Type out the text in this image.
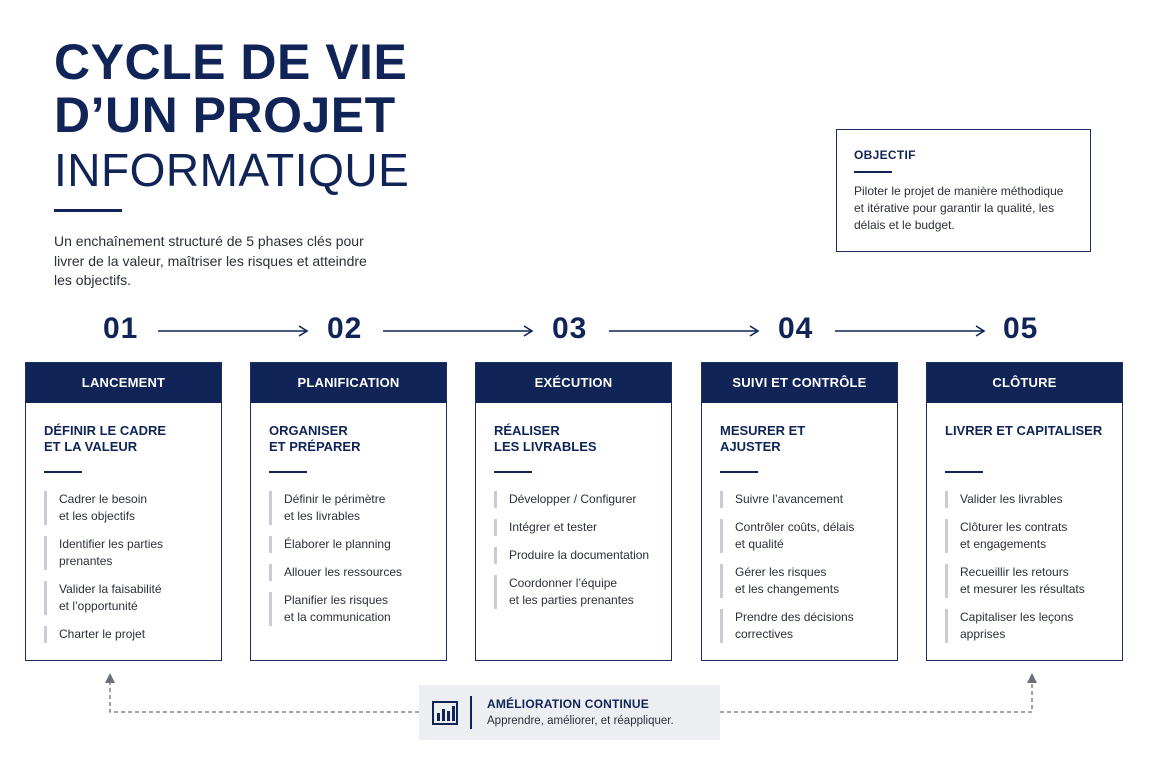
CYCLE DE VIE
D’UN PROJET
INFORMATIQUE
Un enchaînement structuré de 5 phases clés pour livrer de la valeur, maîtriser les risques et atteindre les objectifs.
OBJECTIF
Piloter le projet de manière méthodique et itérative pour garantir la qualité, les délais et le budget.
01	02	03	04	05
LANCEMENT
DÉFINIR LE CADRE
ET LA VALEUR
Cadrer le besoin
et les objectifs
Identifier les parties
prenantes
Valider la faisabilité
et l’opportunité
Charter le projet
PLANIFICATION
ORGANISER
ET PRÉPARER
Définir le périmètre
et les livrables
Élaborer le planning
Allouer les ressources
Planifier les risques
et la communication
EXÉCUTION
RÉALISER
LES LIVRABLES
Développer / Configurer
Intégrer et tester
Produire la documentation
Coordonner l’équipe
et les parties prenantes
SUIVI ET CONTRÔLE
MESURER ET
AJUSTER
Suivre l’avancement
Contrôler coûts, délais
et qualité
Gérer les risques
et les changements
Prendre des décisions
correctives
CLÔTURE
LIVRER ET CAPITALISER
Valider les livrables
Clôturer les contrats
et engagements
Recueillir les retours
et mesurer les résultats
Capitaliser les leçons
apprises
AMÉLIORATION CONTINUE
Apprendre, améliorer, et réappliquer.
